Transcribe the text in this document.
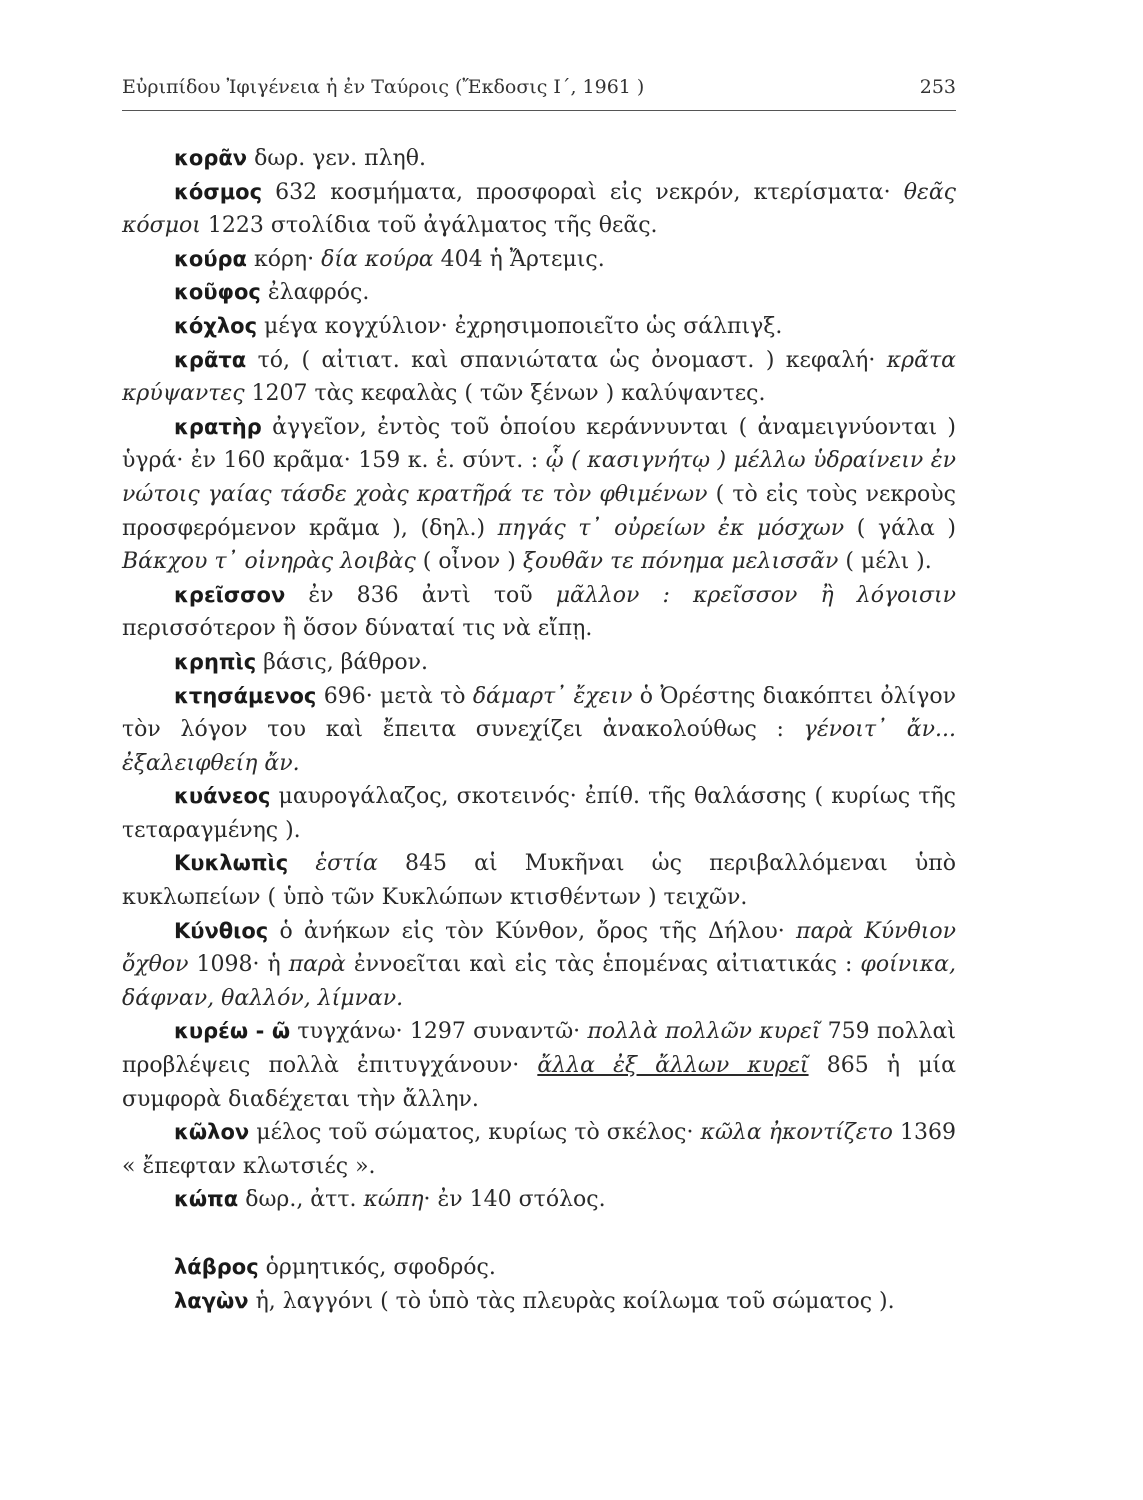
Εὐριπίδου Ἰφιγένεια ἡ ἐν Ταύροις (Ἔκδοσις Ι΄, 1961 )	253
κορᾶν δωρ. γεν. πληθ.
κόσμος 632 κοσμήματα, προσφοραὶ εἰς νεκρόν, κτερίσματα· θεᾶς κόσμοι 1223 στολίδια τοῦ ἀγάλματος τῆς θεᾶς.
κούρα κόρη· δία κούρα 404 ἡ Ἄρτεμις.
κοῦφος ἐλαφρός.
κόχλος μέγα κογχύλιον· ἐχρησιμοποιεῖτο ὡς σάλπιγξ.
κρᾶτα τό, ( αἰτιατ. καὶ σπανιώτατα ὡς ὀνομαστ. ) κεφαλή· κρᾶτα κρύψαντες 1207 τὰς κεφαλὰς ( τῶν ξένων ) καλύψαντες.
κρατὴρ ἀγγεῖον, ἐντὸς τοῦ ὁποίου κεράννυνται ( ἀναμειγνύονται ) ὑγρά· ἐν 160 κρᾶμα· 159 κ. ἑ. σύντ. : ᾧ ( κασιγνήτῳ ) μέλλω ὑδραίνειν ἐν νώτοις γαίας τάσδε χοὰς κρατῆρά τε τὸν φθιμένων ( τὸ εἰς τοὺς νεκροὺς προσφερόμενον κρᾶμα ), (δηλ.) πηγάς τ᾽ οὐρείων ἐκ μόσχων ( γάλα ) Βάκχου τ᾽ οἰνηρὰς λοιβὰς ( οἶνον ) ξουθᾶν τε πόνημα μελισσᾶν ( μέλι ).
κρεῖσσον ἐν 836 ἀντὶ τοῦ μᾶλλον : κρεῖσσον ἢ λόγοισιν περισσότερον ἢ ὅσον δύναταί τις νὰ εἴπῃ.
κρηπὶς βάσις, βάθρον.
κτησάμενος 696· μετὰ τὸ δάμαρτ᾽ ἔχειν ὁ Ὀρέστης διακόπτει ὀλίγον τὸν λόγον του καὶ ἔπειτα συνεχίζει ἀνακολούθως : γένοιτ᾽ ἄν... ἐξαλειφθείη ἄν.
κυάνεος μαυρογάλαζος, σκοτεινός· ἐπίθ. τῆς θαλάσσης ( κυρίως τῆς τεταραγμένης ).
Κυκλωπὶς ἑστία 845 αἱ Μυκῆναι ὡς περιβαλλόμεναι ὑπὸ κυκλωπείων ( ὑπὸ τῶν Κυκλώπων κτισθέντων ) τειχῶν.
Κύνθιος ὁ ἀνήκων εἰς τὸν Κύνθον, ὄρος τῆς Δήλου· παρὰ Κύνθιον ὄχθον 1098· ἡ παρὰ ἐννοεῖται καὶ εἰς τὰς ἑπομένας αἰτιατικάς : φοίνικα, δάφναν, θαλλόν, λίμναν.
κυρέω - ῶ τυγχάνω· 1297 συναντῶ· πολλὰ πολλῶν κυρεῖ 759 πολλαὶ προβλέψεις πολλὰ ἐπιτυγχάνουν· ἄλλα ἐξ ἄλλων κυρεῖ 865 ἡ μία συμφορὰ διαδέχεται τὴν ἄλλην.
κῶλον μέλος τοῦ σώματος, κυρίως τὸ σκέλος· κῶλα ἠκοντίζετο 1369 « ἔπεφταν κλωτσιές ».
κώπα δωρ., ἀττ. κώπη· ἐν 140 στόλος.
λάβρος ὁρμητικός, σφοδρός.
λαγὼν ἡ, λαγγόνι ( τὸ ὑπὸ τὰς πλευρὰς κοίλωμα τοῦ σώματος ).
